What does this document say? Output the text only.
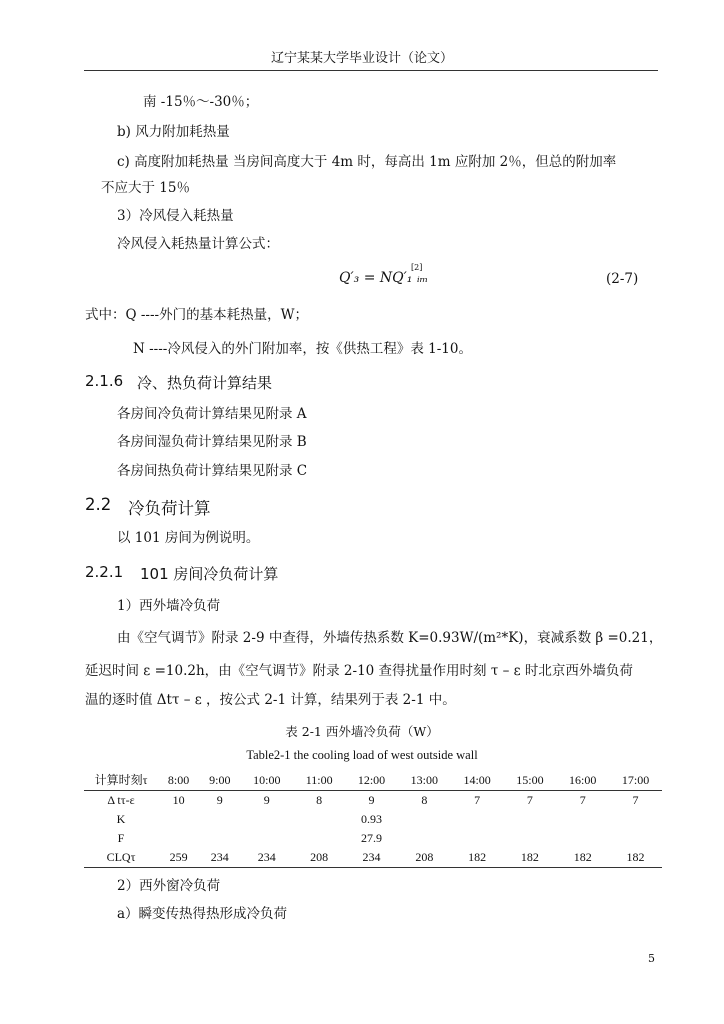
辽宁某某大学毕业设计（论文）
南 -15％～-30％；
b) 风力附加耗热量
c) 高度附加耗热量 当房间高度大于 4m 时，每高出 1m 应附加 2％，但总的附加率
不应大于 15％
3）冷风侵入耗热量
冷风侵入耗热量计算公式：
Q′₃ = NQ′₁ ᵢₘ
[2]
(2-7)
式中：Q ----外门的基本耗热量，W；
N ----冷风侵入的外门附加率，按《供热工程》表 1-10。
2.1.6 冷、热负荷计算结果
各房间冷负荷计算结果见附录 A
各房间湿负荷计算结果见附录 B
各房间热负荷计算结果见附录 C
2.2 冷负荷计算
以 101 房间为例说明。
2.2.1 101 房间冷负荷计算
1）西外墙冷负荷
由《空气调节》附录 2-9 中查得，外墙传热系数 K=0.93W/(m²*K)，衰减系数 β =0.21，
延迟时间 ε =10.2h，由《空气调节》附录 2-10 查得扰量作用时刻 τ – ε 时北京西外墙负荷
温的逐时值 Δtτ – ε ，按公式 2-1 计算，结果列于表 2-1 中。
表 2-1 西外墙冷负荷（W）
Table2-1 the cooling load of west outside wall
计算时刻τ	8:00	9:00	10:00	11:00	12:00	13:00	14:00	15:00	16:00	17:00
Δ tτ-ε	10	9	9	8	9	8	7	7	7	7
K					0.93					
F					27.9					
CLQτ	259	234	234	208	234	208	182	182	182	182
2）西外窗冷负荷
a）瞬变传热得热形成冷负荷
5
